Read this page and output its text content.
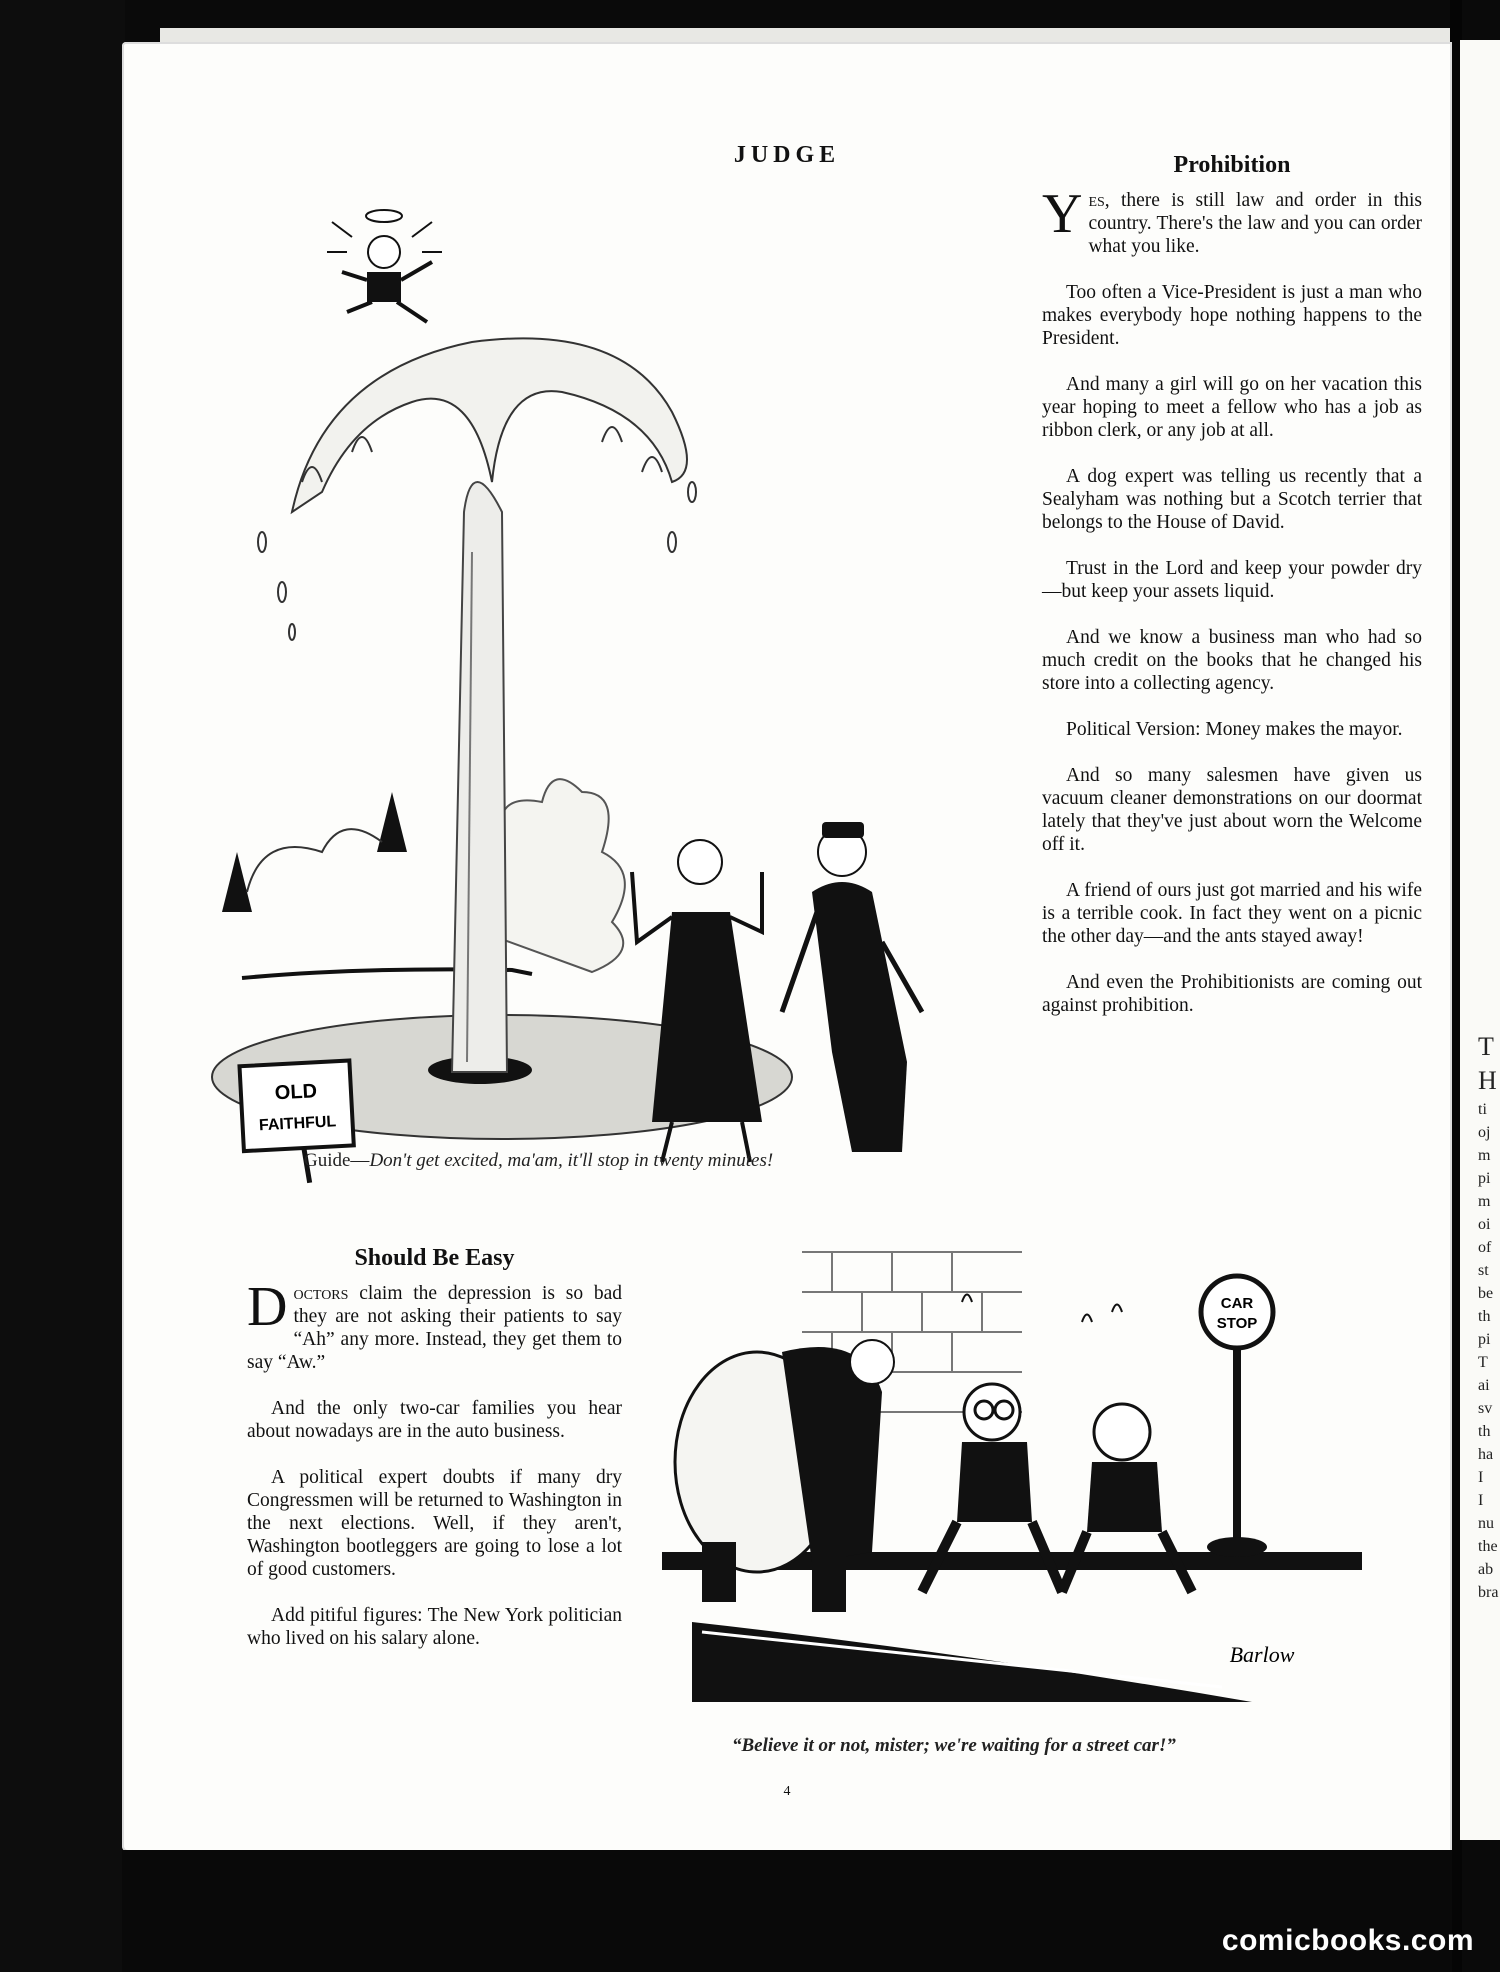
T
H
ti
oj
m
pi
m
oi
of
st
be
th
pi
T
ai
sv
th
ha
I
I
nu
the
ab
bra
JUDGE
OLD
FAITHFUL
Guide—Don't get excited, ma'am, it'll stop in twenty minutes!
Prohibition

Yes, there is still law and order in this country. There's the law and you can order what you like.

Too often a Vice-President is just a man who makes everybody hope nothing happens to the President.

And many a girl will go on her vacation this year hoping to meet a fellow who has a job as ribbon clerk, or any job at all.

A dog expert was telling us recently that a Sealyham was nothing but a Scotch terrier that belongs to the House of David.

Trust in the Lord and keep your powder dry—but keep your assets liquid.

And we know a business man who had so much credit on the books that he changed his store into a collecting agency.

Political Version: Money makes the mayor.

And so many salesmen have given us vacuum cleaner demonstrations on our doormat lately that they've just about worn the Welcome off it.

A friend of ours just got married and his wife is a terrible cook. In fact they went on a picnic the other day—and the ants stayed away!

And even the Prohibitionists are coming out against prohibition.

Should Be Easy

Doctors claim the depression is so bad they are not asking their patients to say “Ah” any more. Instead, they get them to say “Aw.”

And the only two-car families you hear about nowadays are in the auto business.

A political expert doubts if many dry Congressmen will be returned to Washington in the next elections. Well, if they aren't, Washington bootleggers are going to lose a lot of good customers.

Add pitiful figures: The New York politician who lived on his salary alone.

CAR
STOP
Barlow
“Believe it or not, mister; we're waiting for a street car!”
4
comicbooks.com
